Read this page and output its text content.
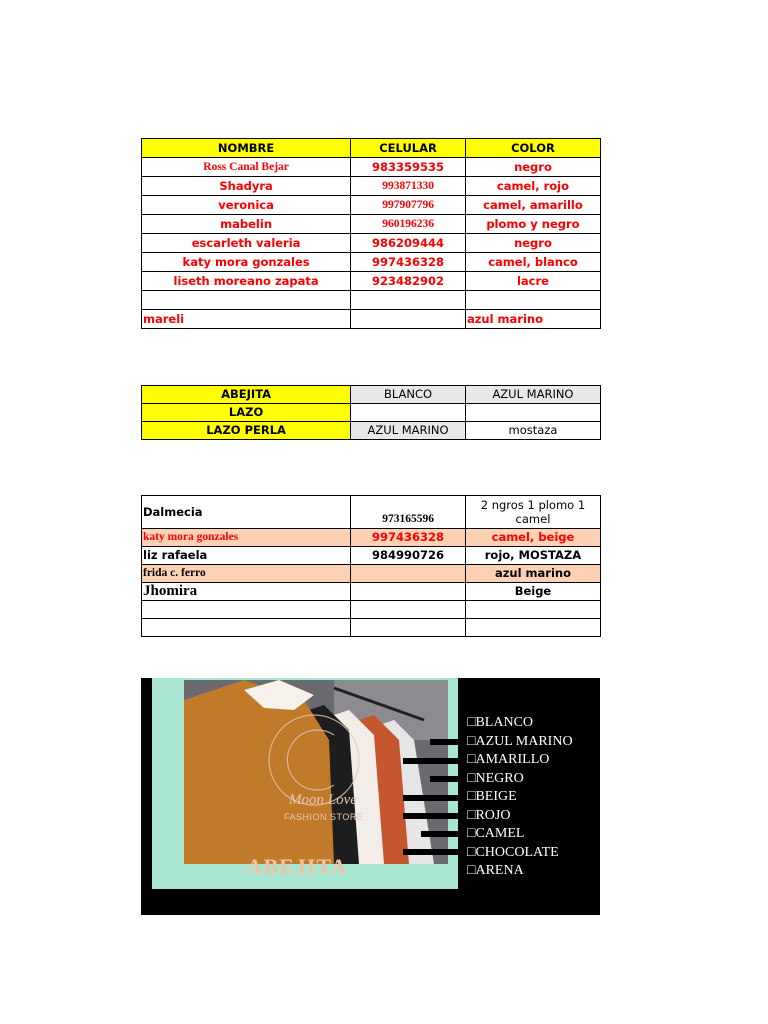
NOMBRE	CELULAR	COLOR
Ross Canal Bejar	983359535	negro
Shadyra	993871330	camel, rojo
veronica	997907796	camel, amarillo
mabelin	960196236	plomo y negro
escarleth valeria	986209444	negro
katy mora gonzales	997436328	camel, blanco
liseth moreano zapata	923482902	lacre

mareli		azul marino
ABEJITA	BLANCO	AZUL MARINO
LAZO		
LAZO PERLA	AZUL MARINO	mostaza
Dalmecia	973165596	2 ngros 1 plomo 1 camel
katy mora gonzales	997436328	camel, beige
liz rafaela	984990726	rojo, MOSTAZA
frida c. ferro		azul marino
Jhomira		Beige

Moon Love
FASHION STORE
ABEJITA
□BLANCO
□AZUL MARINO
□AMARILLO
□NEGRO
□BEIGE
□ROJO
□CAMEL
□CHOCOLATE
□ARENA
